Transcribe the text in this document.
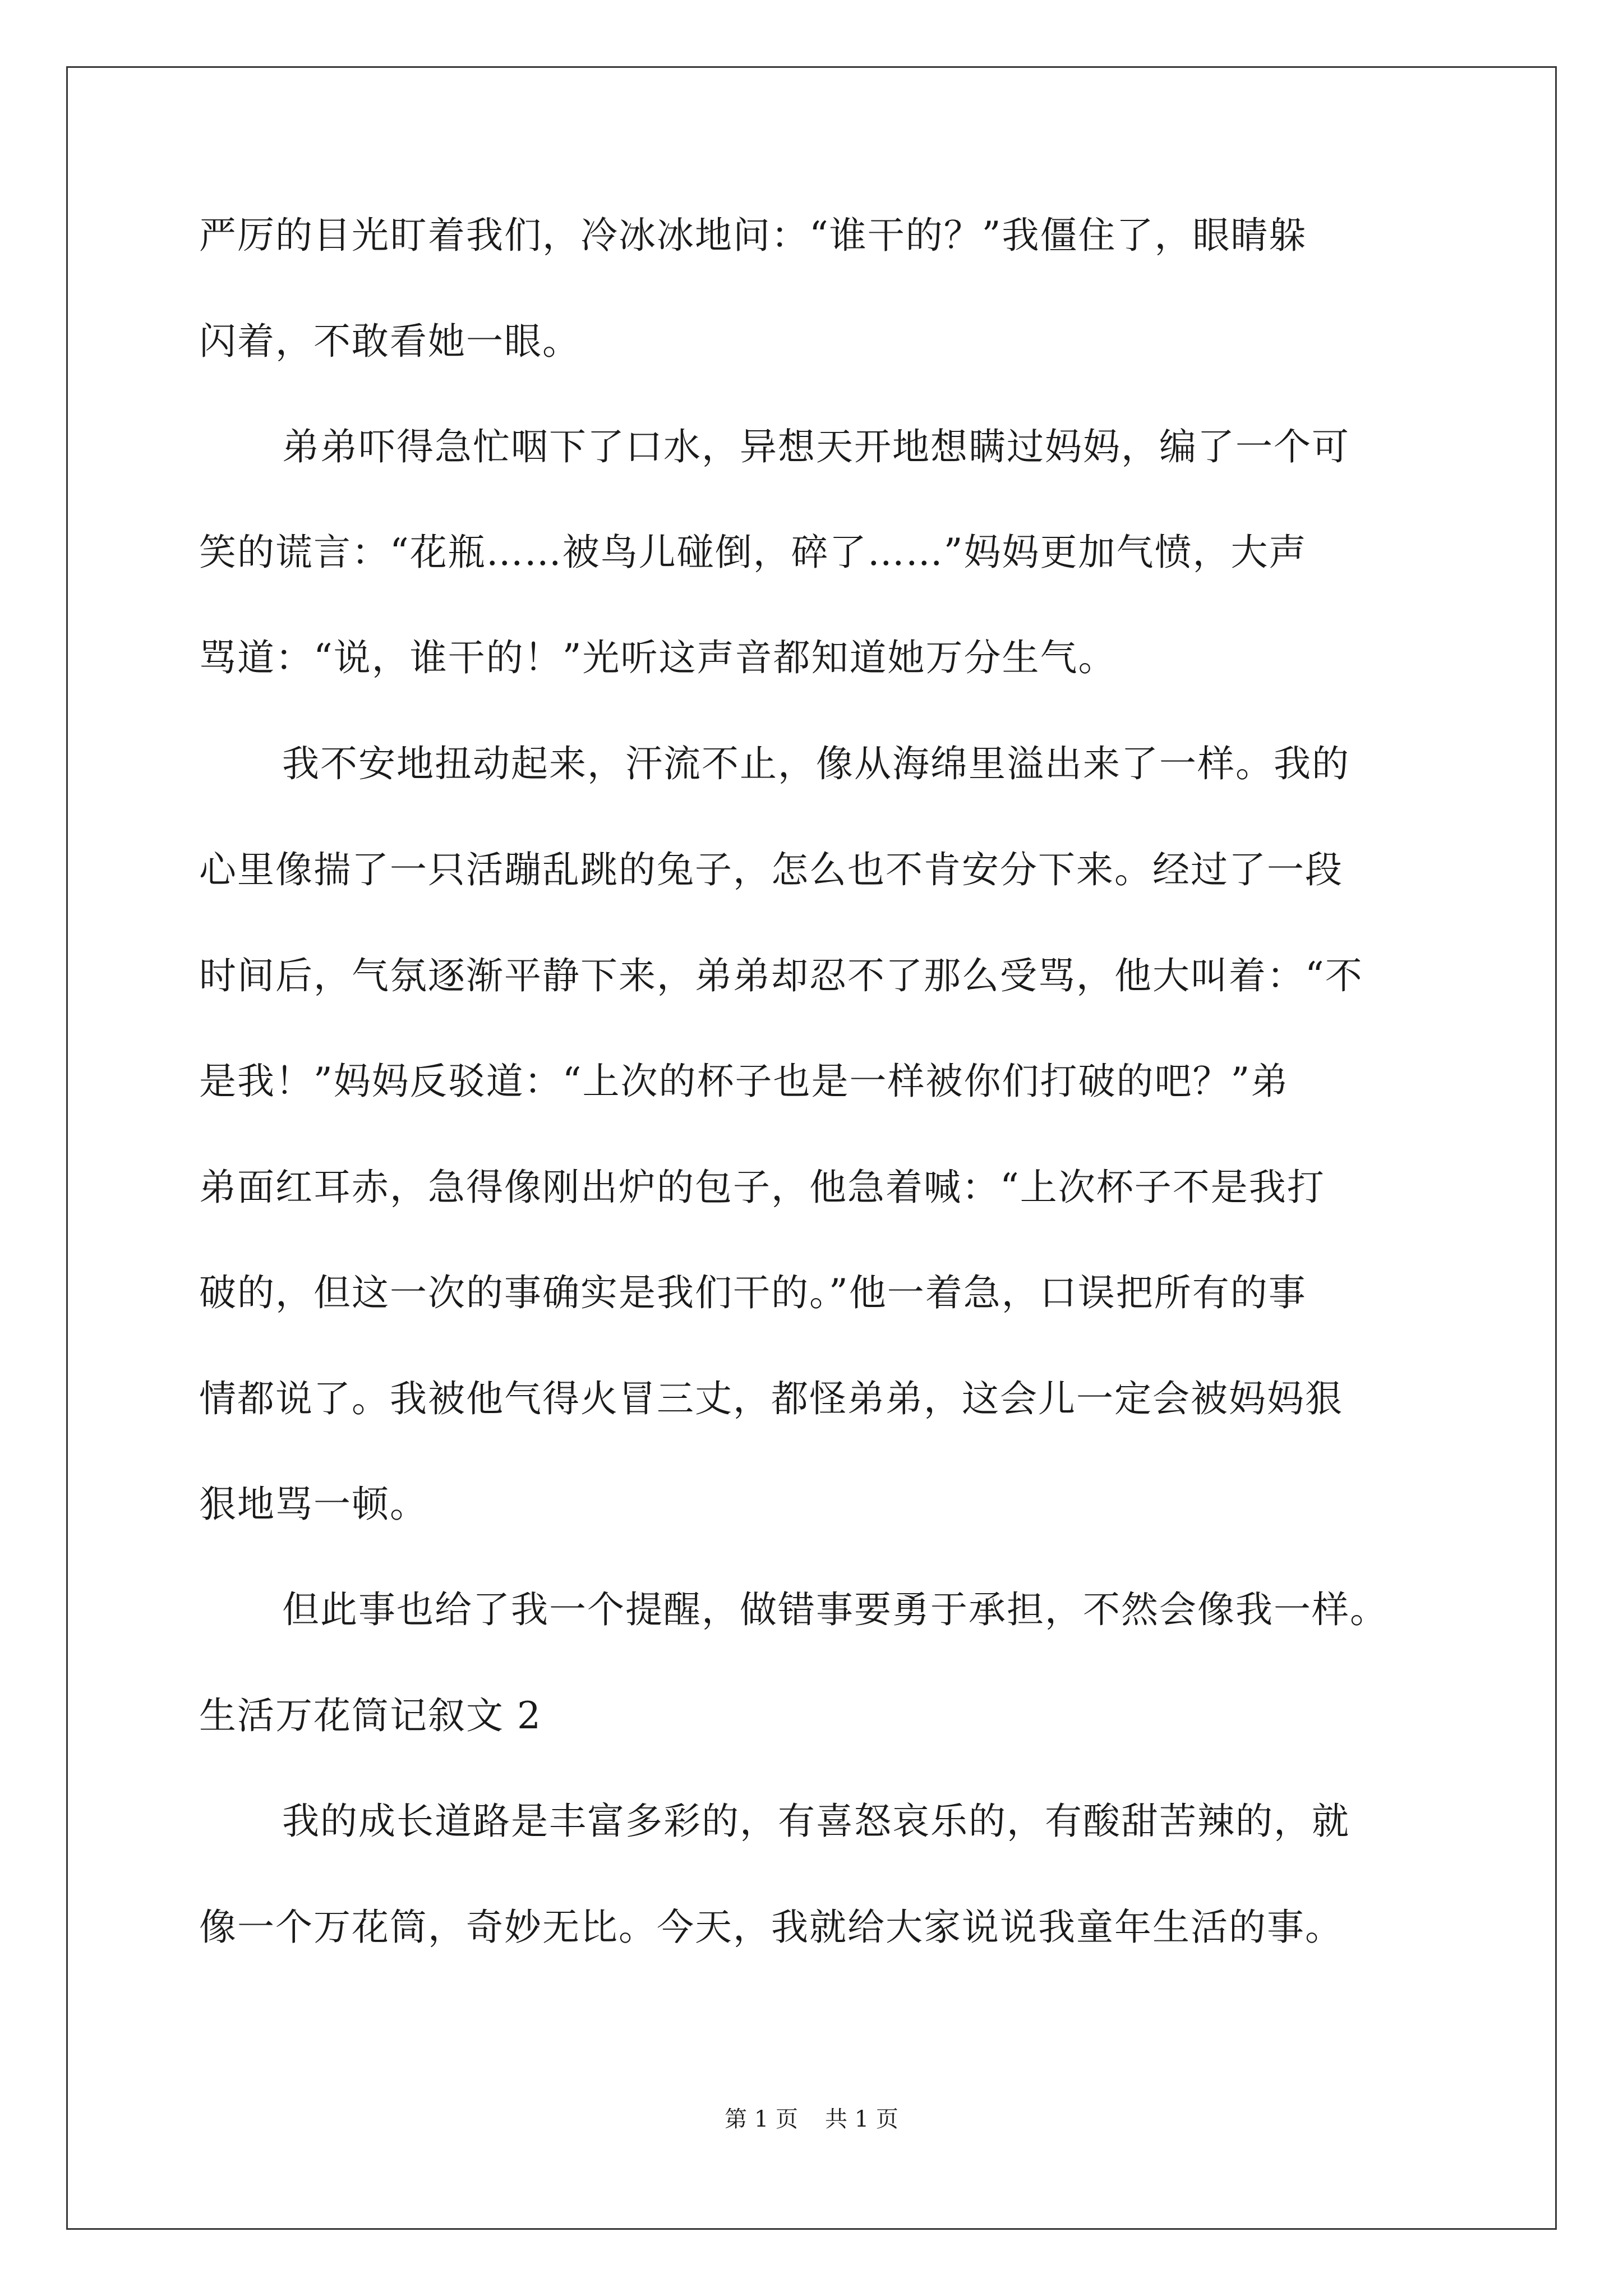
严厉的目光盯着我们，冷冰冰地问：“谁干的？”我僵住了，眼睛躲
闪着，不敢看她一眼。
弟弟吓得急忙咽下了口水，异想天开地想瞒过妈妈，编了一个可
笑的谎言：“花瓶……被鸟儿碰倒，碎了……”妈妈更加气愤，大声
骂道：“说，谁干的！”光听这声音都知道她万分生气。
我不安地扭动起来，汗流不止，像从海绵里溢出来了一样。我的
心里像揣了一只活蹦乱跳的兔子，怎么也不肯安分下来。经过了一段
时间后，气氛逐渐平静下来，弟弟却忍不了那么受骂，他大叫着：“不
是我！”妈妈反驳道：“上次的杯子也是一样被你们打破的吧？”弟
弟面红耳赤，急得像刚出炉的包子，他急着喊：“上次杯子不是我打
破的，但这一次的事确实是我们干的。”他一着急，口误把所有的事
情都说了。我被他气得火冒三丈，都怪弟弟，这会儿一定会被妈妈狠
狠地骂一顿。
但此事也给了我一个提醒，做错事要勇于承担，不然会像我一样。
生活万花筒记叙文 2
我的成长道路是丰富多彩的，有喜怒哀乐的，有酸甜苦辣的，就
像一个万花筒，奇妙无比。今天，我就给大家说说我童年生活的事。
第 1 页 共 1 页
